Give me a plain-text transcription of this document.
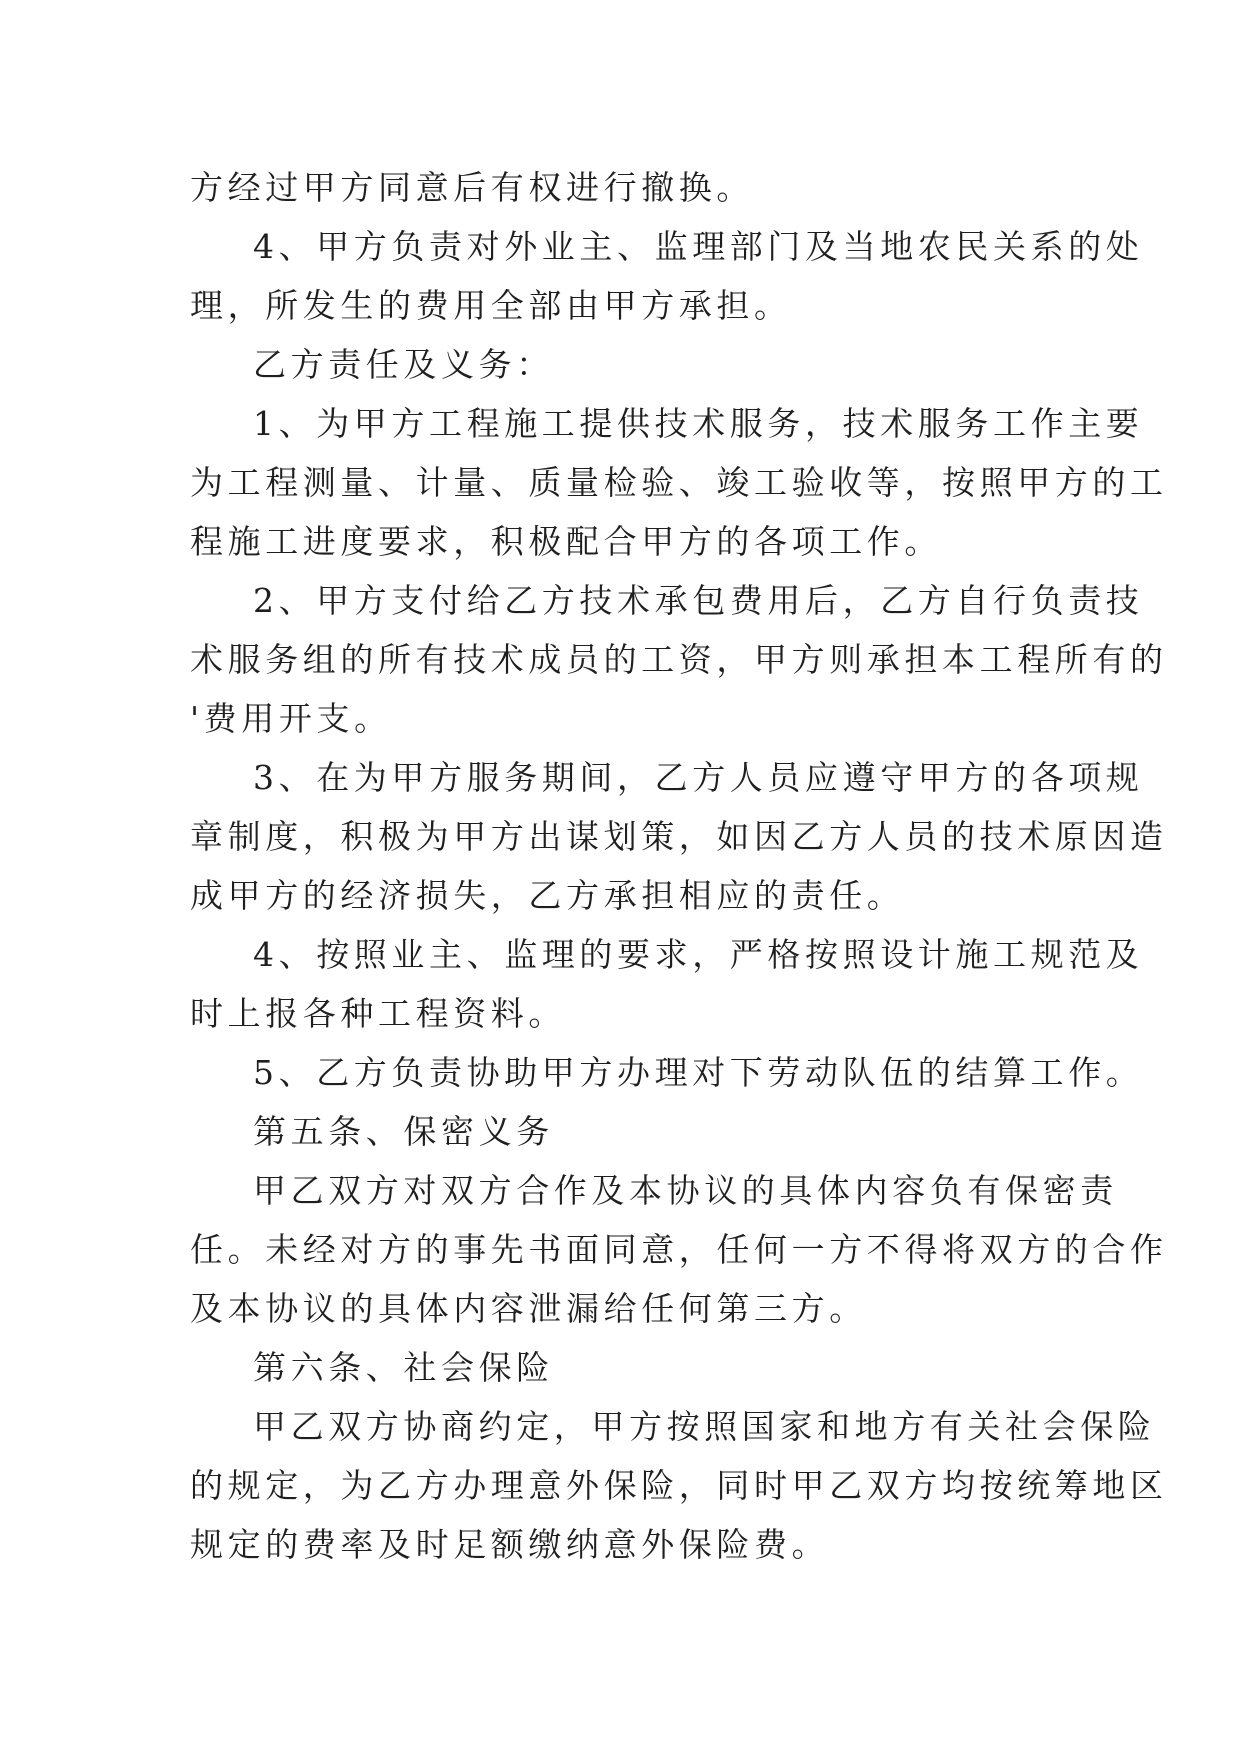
方经过甲方同意后有权进行撤换。

4、甲方负责对外业主、监理部门及当地农民关系的处

理，所发生的费用全部由甲方承担。

乙方责任及义务：

1、为甲方工程施工提供技术服务，技术服务工作主要

为工程测量、计量、质量检验、竣工验收等，按照甲方的工

程施工进度要求，积极配合甲方的各项工作。

2、甲方支付给乙方技术承包费用后，乙方自行负责技

术服务组的所有技术成员的工资，甲方则承担本工程所有的

'费用开支。

3、在为甲方服务期间，乙方人员应遵守甲方的各项规

章制度，积极为甲方出谋划策，如因乙方人员的技术原因造

成甲方的经济损失，乙方承担相应的责任。

4、按照业主、监理的要求，严格按照设计施工规范及

时上报各种工程资料。

5、乙方负责协助甲方办理对下劳动队伍的结算工作。

第五条、保密义务

甲乙双方对双方合作及本协议的具体内容负有保密责

任。未经对方的事先书面同意，任何一方不得将双方的合作

及本协议的具体内容泄漏给任何第三方。

第六条、社会保险

甲乙双方协商约定，甲方按照国家和地方有关社会保险

的规定，为乙方办理意外保险，同时甲乙双方均按统筹地区

规定的费率及时足额缴纳意外保险费。
